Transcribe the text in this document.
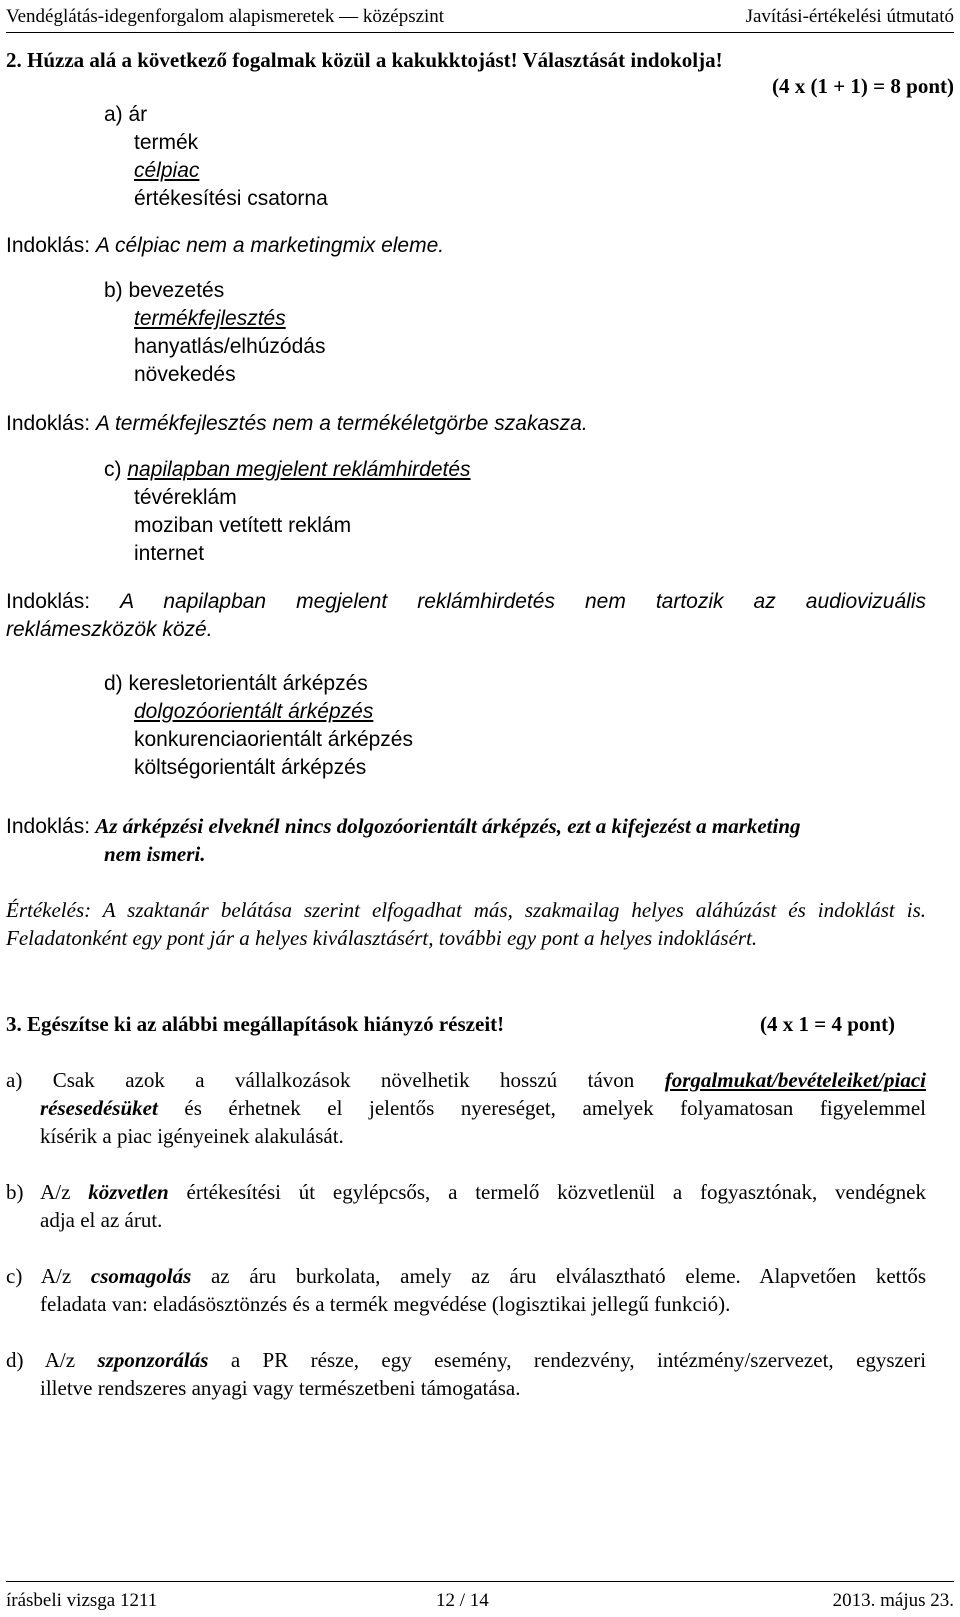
Vendéglátás-idegenforgalom alapismeretek — középszint	Javítási-értékelési útmutató
2. Húzza alá a következő fogalmak közül a kakukktojást! Választását indokolja!
(4 x (1 + 1) = 8 pont)
a) ár
termék
célpiac
értékesítési csatorna
Indoklás: A célpiac nem a marketingmix eleme.
b) bevezetés
termékfejlesztés
hanyatlás/elhúzódás
növekedés
Indoklás: A termékfejlesztés nem a termékéletgörbe szakasza.
c) napilapban megjelent reklámhirdetés
tévéreklám
moziban vetített reklám
internet
Indoklás: A napilapban megjelent reklámhirdetés nem tartozik az audiovizuális
reklámeszközök közé.
d) keresletorientált árképzés
dolgozóorientált árképzés
konkurenciaorientált árképzés
költségorientált árképzés
Indoklás: Az árképzési elveknél nincs dolgozóorientált árképzés, ezt a kifejezést a marketing
nem ismeri.
Értékelés: A szaktanár belátása szerint elfogadhat más, szakmailag helyes aláhúzást és indoklást is. Feladatonként egy pont jár a helyes kiválasztásért, további egy pont a helyes indoklásért.
3. Egészítse ki az alábbi megállapítások hiányzó részeit!	(4 x 1 = 4 pont)
a) Csak azok a vállalkozások növelhetik hosszú távon forgalmukat/bevételeiket/piaci
résesedésüket és érhetnek el jelentős nyereséget, amelyek folyamatosan figyelemmel
kísérik a piac igényeinek alakulását.
b) A/z közvetlen értékesítési út egylépcsős, a termelő közvetlenül a fogyasztónak, vendégnek
adja el az árut.
c) A/z csomagolás az áru burkolata, amely az áru elválasztható eleme. Alapvetően kettős
feladata van: eladásösztönzés és a termék megvédése (logisztikai jellegű funkció).
d) A/z szponzorálás a PR része, egy esemény, rendezvény, intézmény/szervezet, egyszeri
illetve rendszeres anyagi vagy természetbeni támogatása.
írásbeli vizsga 1211	12 / 14	2013. május 23.
